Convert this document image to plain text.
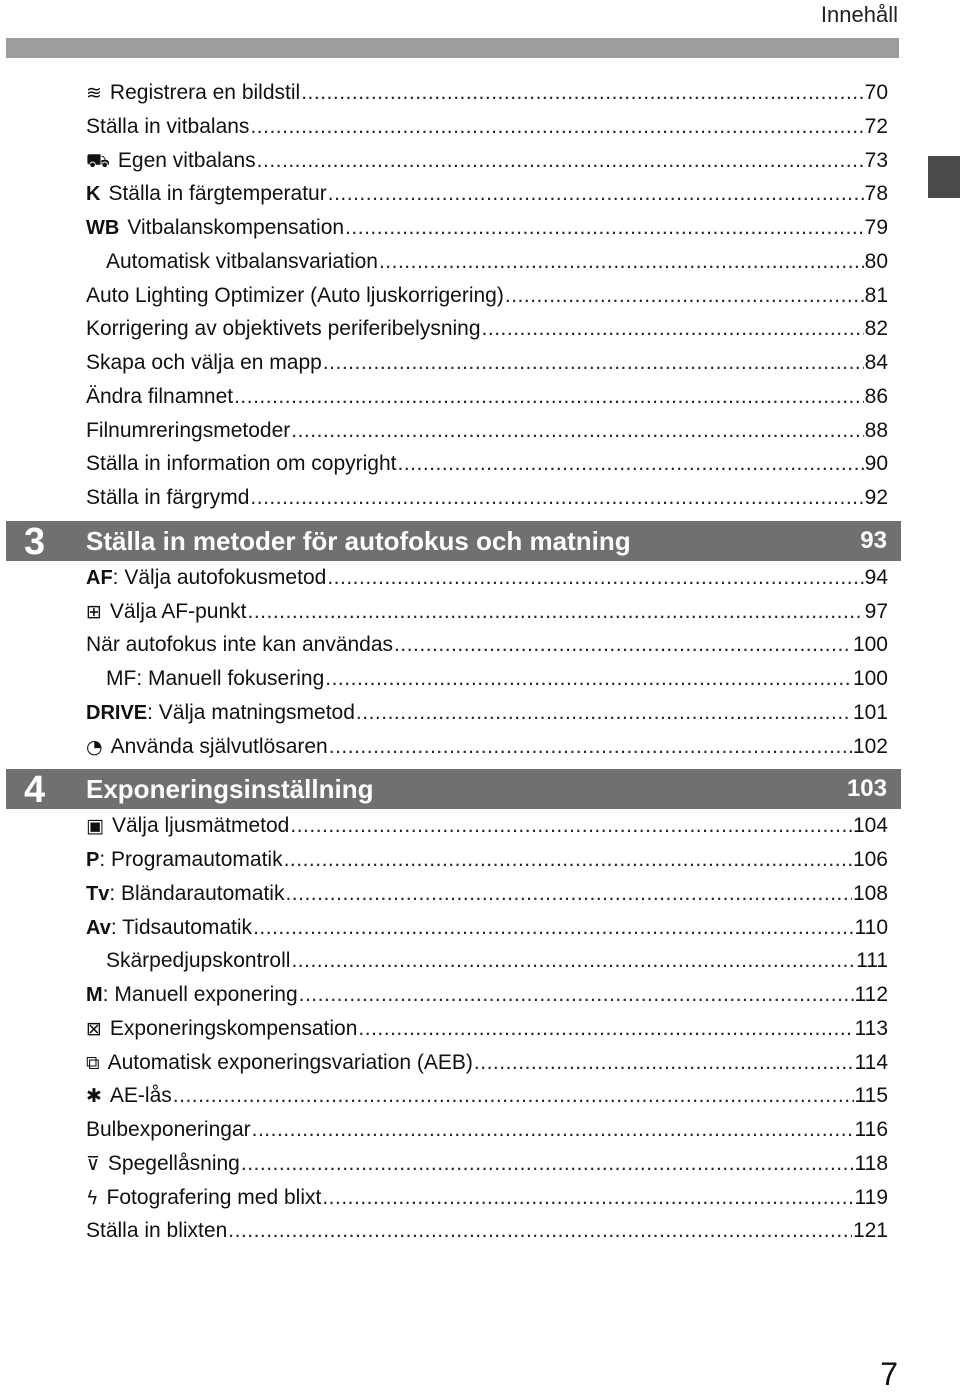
Innehåll
≋ Registrera en bildstil .....	70
Ställa in vitbalans .....	72
⛟ Egen vitbalans .....	73
K Ställa in färgtemperatur .....	78
WB Vitbalanskompensation .....	79
Automatisk vitbalansvariation .....	80
Auto Lighting Optimizer (Auto ljuskorrigering) .....	81
Korrigering av objektivets periferibelysning .....	82
Skapa och välja en mapp .....	84
Ändra filnamnet .....	86
Filnumreringsmetoder .....	88
Ställa in information om copyright .....	90
Ställa in färgrymd .....	92
3 Ställa in metoder för autofokus och matning	93
AF: Välja autofokusmetod .....	94
⊞ Välja AF-punkt .....	97
När autofokus inte kan användas .....	100
MF: Manuell fokusering .....	100
DRIVE: Välja matningsmetod .....	101
◔ Använda självutlösaren .....	102
4 Exponeringsinställning	103
▣ Välja ljusmätmetod .....	104
P: Programautomatik .....	106
Tv: Bländarautomatik .....	108
Av: Tidsautomatik .....	110
Skärpedjupskontroll .....	111
M: Manuell exponering .....	112
⊠ Exponeringskompensation .....	113
⧉ Automatisk exponeringsvariation (AEB) .....	114
✱ AE-lås .....	115
Bulbexponeringar .....	116
⊽ Spegellåsning .....	118
ϟ Fotografering med blixt .....	119
Ställa in blixten .....	121
7
